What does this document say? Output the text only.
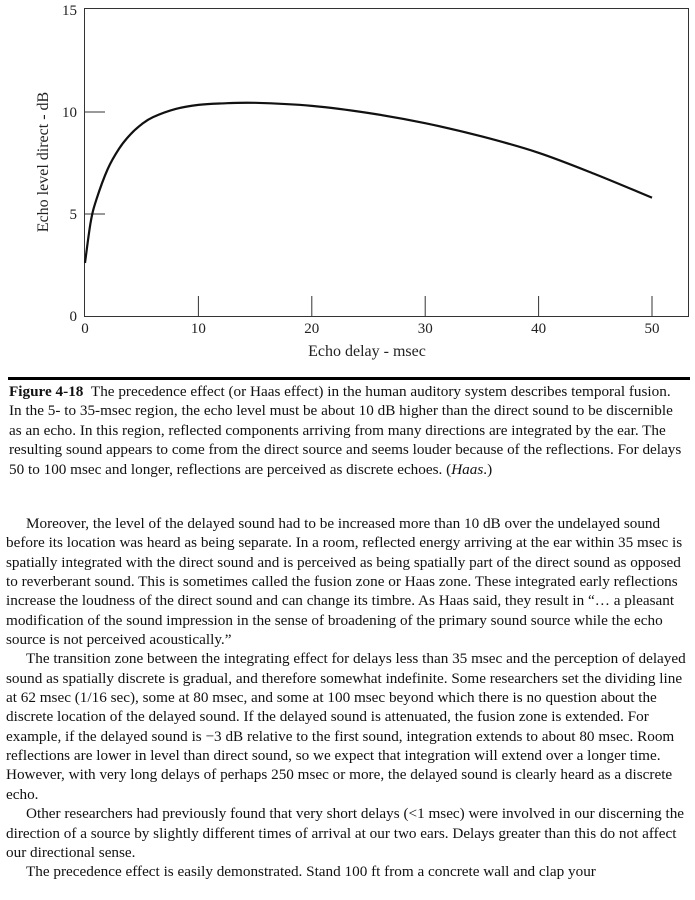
0	10	20	30	40	50
0
5
10
15
Echo delay - msec
Echo level direct - dB

Figure 4-18 The precedence effect (or Haas effect) in the human auditory system describes temporal fusion. In the 5- to 35-msec region, the echo level must be about 10 dB higher than the direct sound to be discernible as an echo. In this region, reflected components arriving from many directions are integrated by the ear. The resulting sound appears to come from the direct source and seems louder because of the reflections. For delays 50 to 100 msec and longer, reflections are perceived as discrete echoes. (Haas.)

Moreover, the level of the delayed sound had to be increased more than 10 dB over the undelayed sound before its location was heard as being separate. In a room, reflected energy arriving at the ear within 35 msec is spatially integrated with the direct sound and is perceived as being spatially part of the direct sound as opposed to reverberant sound. This is sometimes called the fusion zone or Haas zone. These integrated early reflections increase the loudness of the direct sound and can change its timbre. As Haas said, they result in “… a pleasant modification of the sound impression in the sense of broadening of the primary sound source while the echo source is not perceived acoustically.”

The transition zone between the integrating effect for delays less than 35 msec and the perception of delayed sound as spatially discrete is gradual, and therefore somewhat indefinite. Some researchers set the dividing line at 62 msec (1/16 sec), some at 80 msec, and some at 100 msec beyond which there is no question about the discrete location of the delayed sound. If the delayed sound is attenuated, the fusion zone is extended. For example, if the delayed sound is −3 dB relative to the first sound, integration extends to about 80 msec. Room reflections are lower in level than direct sound, so we expect that integration will extend over a longer time. However, with very long delays of perhaps 250 msec or more, the delayed sound is clearly heard as a discrete echo.

Other researchers had previously found that very short delays (<1 msec) were involved in our discerning the direction of a source by slightly different times of arrival at our two ears. Delays greater than this do not affect our directional sense.

The precedence effect is easily demonstrated. Stand 100 ft from a concrete wall and clap your
